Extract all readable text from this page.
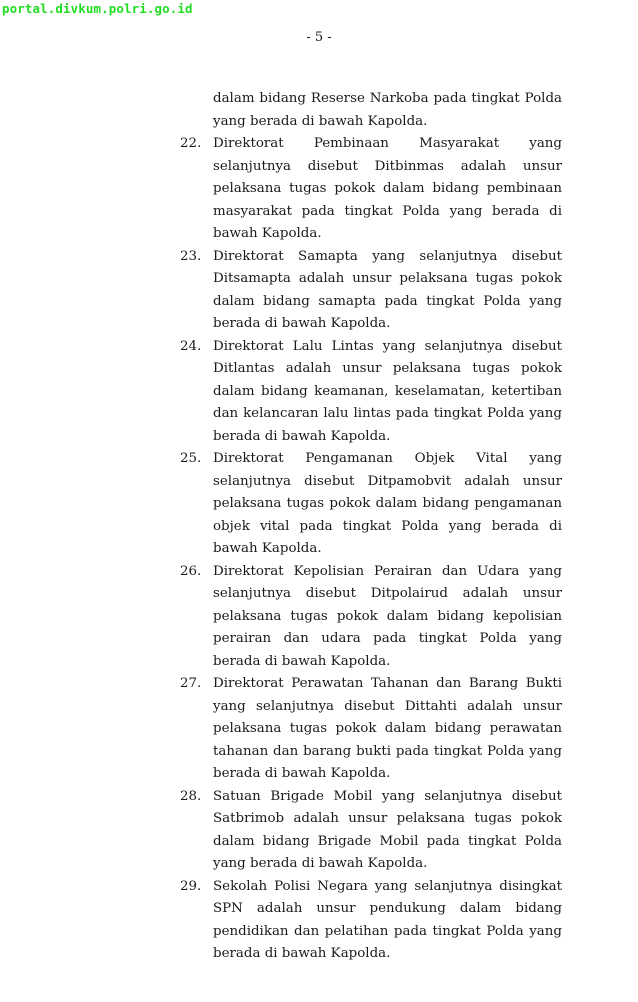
portal.divkum.polri.go.id
- 5 -

dalam bidang Reserse Narkoba pada tingkat Polda yang berada di bawah Kapolda.

22. Direktorat Pembinaan Masyarakat yang selanjutnya disebut Ditbinmas adalah unsur pelaksana tugas pokok dalam bidang pembinaan masyarakat pada tingkat Polda yang berada di bawah Kapolda.
23. Direktorat Samapta yang selanjutnya disebut Ditsamapta adalah unsur pelaksana tugas pokok dalam bidang samapta pada tingkat Polda yang berada di bawah Kapolda.
24. Direktorat Lalu Lintas yang selanjutnya disebut Ditlantas adalah unsur pelaksana tugas pokok dalam bidang keamanan, keselamatan, ketertiban dan kelancaran lalu lintas pada tingkat Polda yang berada di bawah Kapolda.
25. Direktorat Pengamanan Objek Vital yang selanjutnya disebut Ditpamobvit adalah unsur pelaksana tugas pokok dalam bidang pengamanan objek vital pada tingkat Polda yang berada di bawah Kapolda.
26. Direktorat Kepolisian Perairan dan Udara yang selanjutnya disebut Ditpolairud adalah unsur pelaksana tugas pokok dalam bidang kepolisian perairan dan udara pada tingkat Polda yang berada di bawah Kapolda.
27. Direktorat Perawatan Tahanan dan Barang Bukti yang selanjutnya disebut Dittahti adalah unsur pelaksana tugas pokok dalam bidang perawatan tahanan dan barang bukti pada tingkat Polda yang berada di bawah Kapolda.
28. Satuan Brigade Mobil yang selanjutnya disebut Satbrimob adalah unsur pelaksana tugas pokok dalam bidang Brigade Mobil pada tingkat Polda yang berada di bawah Kapolda.
29. Sekolah Polisi Negara yang selanjutnya disingkat SPN adalah unsur pendukung dalam bidang pendidikan dan pelatihan pada tingkat Polda yang berada di bawah Kapolda.
